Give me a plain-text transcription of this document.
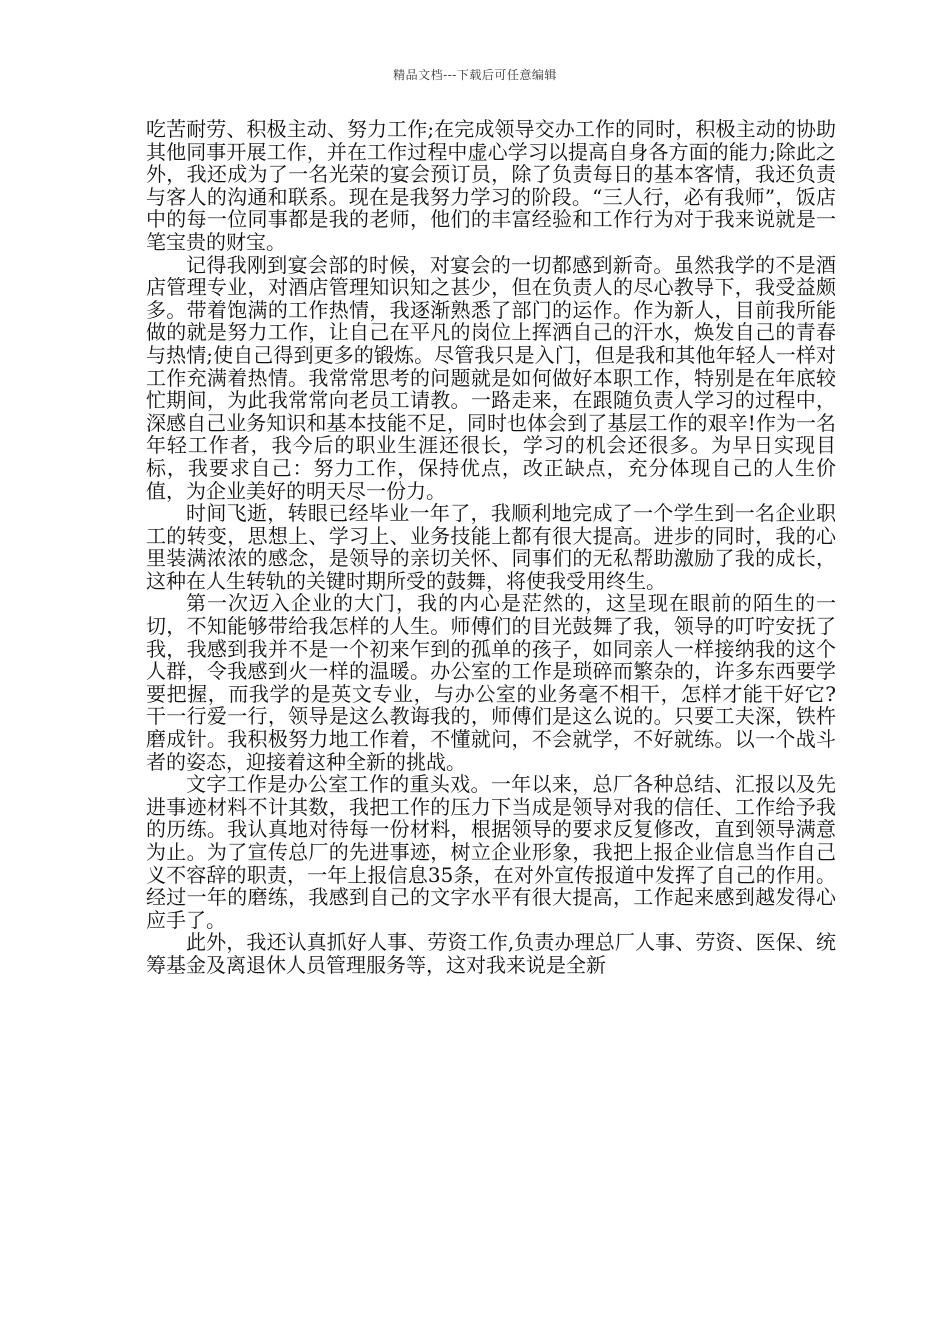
精品文档---下载后可任意编辑

吃苦耐劳、积极主动、努力工作;在完成领导交办工作的同时，积极主动的协助其他同事开展工作，并在工作过程中虚心学习以提高自身各方面的能力;除此之外，我还成为了一名光荣的宴会预订员，除了负责每日的基本客情，我还负责与客人的沟通和联系。现在是我努力学习的阶段。“三人行，必有我师”，饭店中的每一位同事都是我的老师，他们的丰富经验和工作行为对于我来说就是一笔宝贵的财宝。

记得我刚到宴会部的时候，对宴会的一切都感到新奇。虽然我学的不是酒店管理专业，对酒店管理知识知之甚少，但在负责人的尽心教导下，我受益颇多。带着饱满的工作热情，我逐渐熟悉了部门的运作。作为新人，目前我所能做的就是努力工作，让自己在平凡的岗位上挥洒自己的汗水，焕发自己的青春与热情;使自己得到更多的锻炼。尽管我只是入门，但是我和其他年轻人一样对工作充满着热情。我常常思考的问题就是如何做好本职工作，特别是在年底较忙期间，为此我常常向老员工请教。一路走来，在跟随负责人学习的过程中，深感自己业务知识和基本技能不足，同时也体会到了基层工作的艰辛!作为一名年轻工作者，我今后的职业生涯还很长，学习的机会还很多。为早日实现目标，我要求自己：努力工作，保持优点，改正缺点，充分体现自己的人生价值，为企业美好的明天尽一份力。

时间飞逝，转眼已经毕业一年了，我顺利地完成了一个学生到一名企业职工的转变，思想上、学习上、业务技能上都有很大提高。进步的同时，我的心里装满浓浓的感念，是领导的亲切关怀、同事们的无私帮助激励了我的成长，这种在人生转轨的关键时期所受的鼓舞，将使我受用终生。

第一次迈入企业的大门，我的内心是茫然的，这呈现在眼前的陌生的一切，不知能够带给我怎样的人生。师傅们的目光鼓舞了我，领导的叮咛安抚了我，我感到我并不是一个初来乍到的孤单的孩子，如同亲人一样接纳我的这个人群，令我感到火一样的温暖。办公室的工作是琐碎而繁杂的，许多东西要学要把握，而我学的是英文专业，与办公室的业务毫不相干，怎样才能干好它?干一行爱一行，领导是这么教诲我的，师傅们是这么说的。只要工夫深，铁杵磨成针。我积极努力地工作着，不懂就问，不会就学，不好就练。以一个战斗者的姿态，迎接着这种全新的挑战。

文字工作是办公室工作的重头戏。一年以来，总厂各种总结、汇报以及先进事迹材料不计其数，我把工作的压力下当成是领导对我的信任、工作给予我的历练。我认真地对待每一份材料，根据领导的要求反复修改，直到领导满意为止。为了宣传总厂的先进事迹，树立企业形象，我把上报企业信息当作自己义不容辞的职责，一年上报信息35条，在对外宣传报道中发挥了自己的作用。经过一年的磨练，我感到自己的文字水平有很大提高，工作起来感到越发得心应手了。

此外，我还认真抓好人事、劳资工作,负责办理总厂人事、劳资、医保、统筹基金及离退休人员管理服务等，这对我来说是全新
